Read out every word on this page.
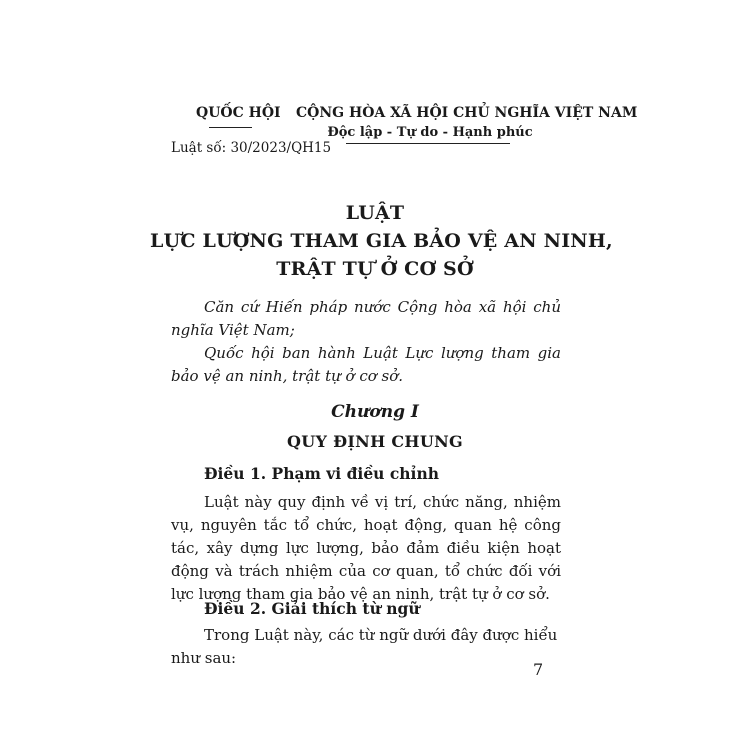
QUỐC HỘI
Luật số: 30/2023/QH15
CỘNG HÒA XÃ HỘI CHỦ NGHĨA VIỆT NAM
Độc lập - Tự do - Hạnh phúc
LUẬT
LỰC LƯỢNG THAM GIA BẢO VỆ AN NINH,
TRẬT TỰ Ở CƠ SỞ
Căn cứ Hiến pháp nước Cộng hòa xã hội chủ nghĩa Việt Nam;
Quốc hội ban hành Luật Lực lượng tham gia bảo vệ an ninh, trật tự ở cơ sở.
Chương I
QUY ĐỊNH CHUNG
Điều 1. Phạm vi điều chỉnh
Luật này quy định về vị trí, chức năng, nhiệm vụ, nguyên tắc tổ chức, hoạt động, quan hệ công tác, xây dựng lực lượng, bảo đảm điều kiện hoạt động và trách nhiệm của cơ quan, tổ chức đối với lực lượng tham gia bảo vệ an ninh, trật tự ở cơ sở.
Điều 2. Giải thích từ ngữ
Trong Luật này, các từ ngữ dưới đây được hiểu như sau:
7
